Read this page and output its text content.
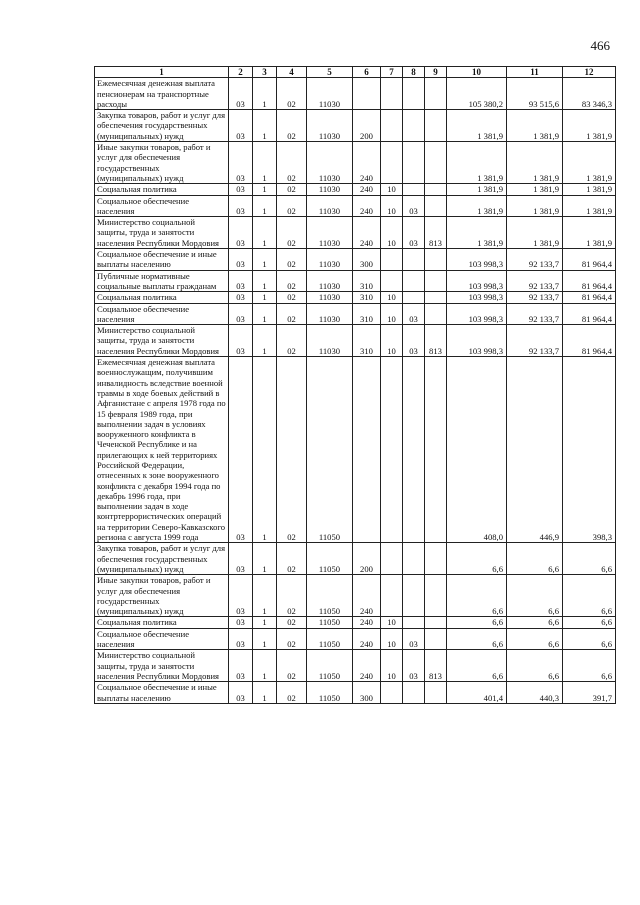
466
1	2	3	4	5	6	7	8	9	10	11	12
Ежемесячная денежная выплата пенсионерам на транспортные расходы	03	1	02	11030					105 380,2	93 515,6	83 346,3
Закупка товаров, работ и услуг для обеспечения государственных (муниципальных) нужд	03	1	02	11030	200				1 381,9	1 381,9	1 381,9
Иные закупки товаров, работ и услуг для обеспечения государственных (муниципальных) нужд	03	1	02	11030	240				1 381,9	1 381,9	1 381,9
Социальная политика	03	1	02	11030	240	10			1 381,9	1 381,9	1 381,9
Социальное обеспечение населения	03	1	02	11030	240	10	03		1 381,9	1 381,9	1 381,9
Министерство социальной защиты, труда и занятости населения Республики Мордовия	03	1	02	11030	240	10	03	813	1 381,9	1 381,9	1 381,9
Социальное обеспечение и иные выплаты населению	03	1	02	11030	300				103 998,3	92 133,7	81 964,4
Публичные нормативные социальные выплаты гражданам	03	1	02	11030	310				103 998,3	92 133,7	81 964,4
Социальная политика	03	1	02	11030	310	10			103 998,3	92 133,7	81 964,4
Социальное обеспечение населения	03	1	02	11030	310	10	03		103 998,3	92 133,7	81 964,4
Министерство социальной защиты, труда и занятости населения Республики Мордовия	03	1	02	11030	310	10	03	813	103 998,3	92 133,7	81 964,4
Ежемесячная денежная выплата военнослужащим, получившим инвалидность вследствие военной травмы в ходе боевых действий в Афганистане с апреля 1978 года по 15 февраля 1989 года, при выполнении задач в условиях вооруженного конфликта в Чеченской Республике и на прилегающих к ней территориях Российской Федерации, отнесенных к зоне вооруженного конфликта с декабря 1994 года по декабрь 1996 года, при выполнении задач в ходе контртеррористических операций на территории Северо-Кавказского региона с августа 1999 года	03	1	02	11050					408,0	446,9	398,3
Закупка товаров, работ и услуг для обеспечения государственных (муниципальных) нужд	03	1	02	11050	200				6,6	6,6	6,6
Иные закупки товаров, работ и услуг для обеспечения государственных (муниципальных) нужд	03	1	02	11050	240				6,6	6,6	6,6
Социальная политика	03	1	02	11050	240	10			6,6	6,6	6,6
Социальное обеспечение населения	03	1	02	11050	240	10	03		6,6	6,6	6,6
Министерство социальной защиты, труда и занятости населения Республики Мордовия	03	1	02	11050	240	10	03	813	6,6	6,6	6,6
Социальное обеспечение и иные выплаты населению	03	1	02	11050	300				401,4	440,3	391,7
